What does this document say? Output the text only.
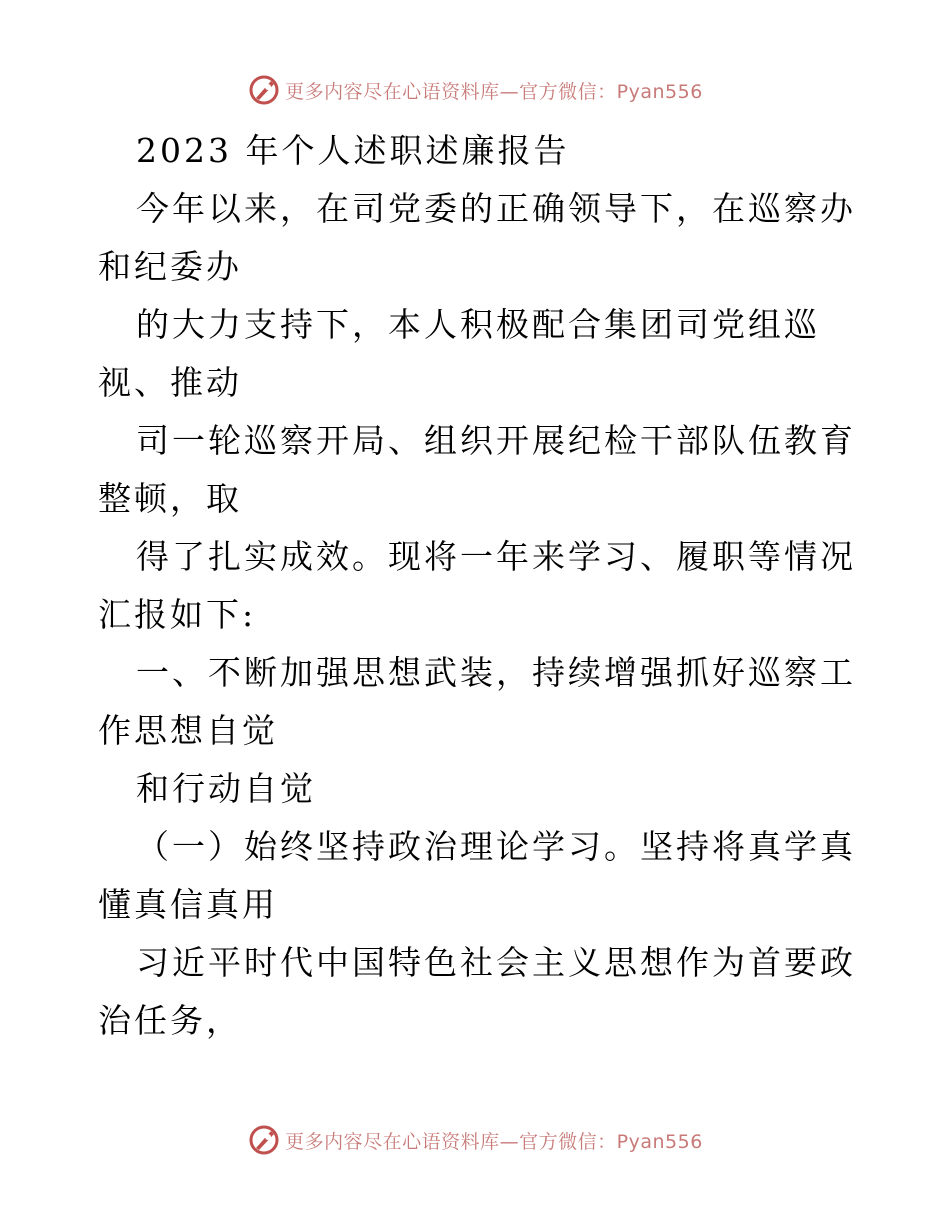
更多内容尽在心语资料库—官方微信：Pyan556

2023 年个人述职述廉报告

今年以来，在司党委的正确领导下，在巡察办和纪委办

的大力支持下，本人积极配合集团司党组巡视、推动

司一轮巡察开局、组织开展纪检干部队伍教育整顿，取

得了扎实成效。现将一年来学习、履职等情况汇报如下:

一、不断加强思想武装，持续增强抓好巡察工作思想自觉

和行动自觉

（一）始终坚持政治理论学习。坚持将真学真懂真信真用

习近平时代中国特色社会主义思想作为首要政治任务，

更多内容尽在心语资料库—官方微信：Pyan556
